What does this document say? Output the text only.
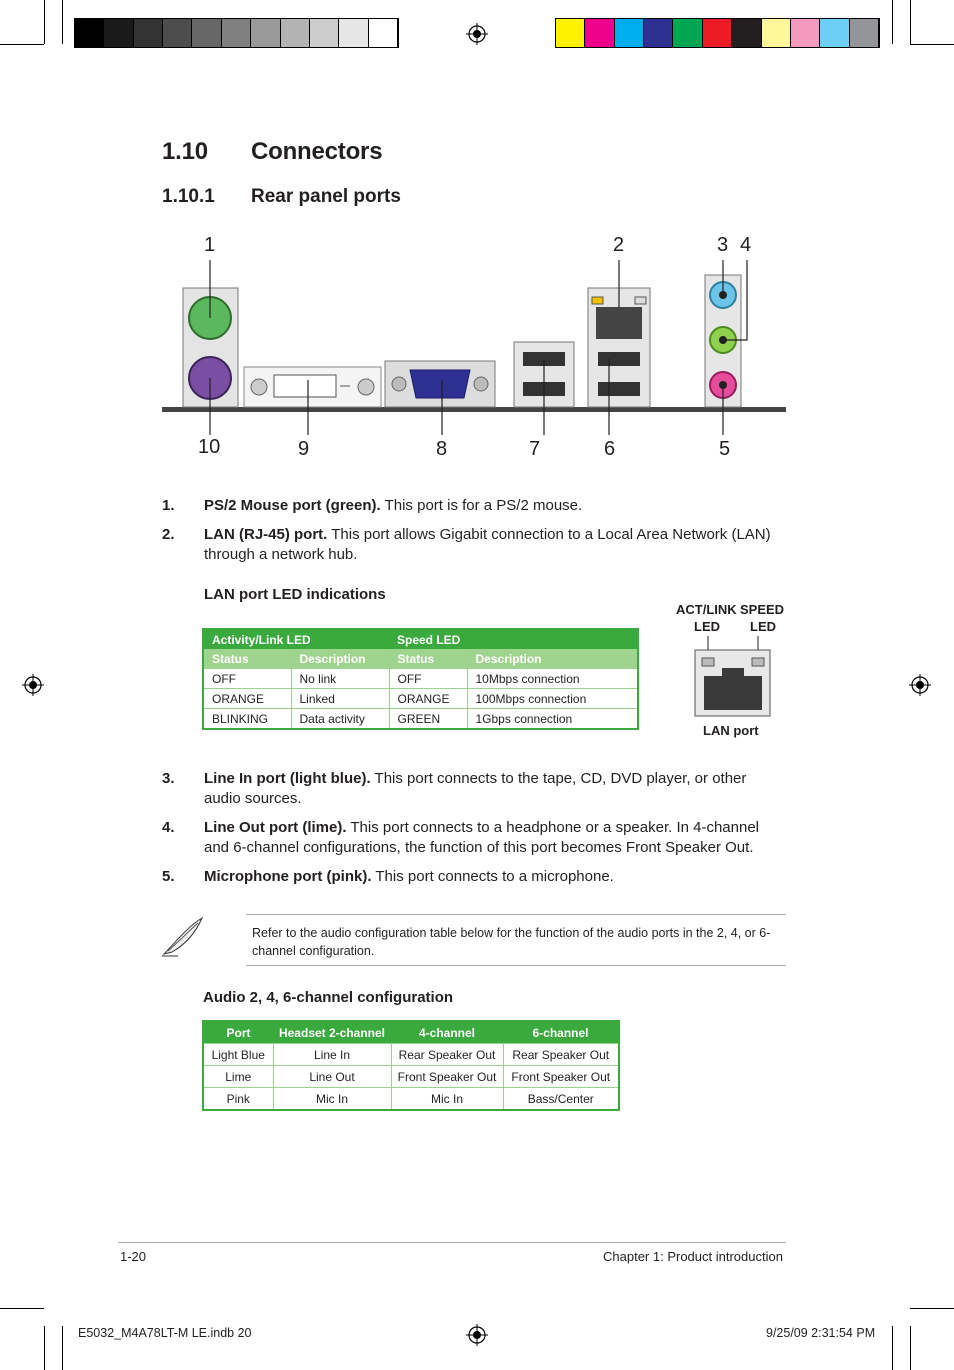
1.10 Connectors
1.10.1 Rear panel ports
1	2	3 4
10	9	8	7	6	5
1. PS/2 Mouse port (green). This port is for a PS/2 mouse.
2. LAN (RJ-45) port. This port allows Gigabit connection to a Local Area Network (LAN) through a network hub.
LAN port LED indications
Activity/Link LED		Speed LED	
Status	Description	Status	Description
OFF	No link	OFF	10Mbps connection
ORANGE	Linked	ORANGE	100Mbps connection
BLINKING	Data activity	GREEN	1Gbps connection
ACT/LINK SPEED
LED LED
LAN port
3. Line In port (light blue). This port connects to the tape, CD, DVD player, or other audio sources.
4. Line Out port (lime). This port connects to a headphone or a speaker. In 4-channel and 6-channel configurations, the function of this port becomes Front Speaker Out.
5. Microphone port (pink). This port connects to a microphone.
Refer to the audio configuration table below for the function of the audio ports in the 2, 4, or 6-channel configuration.
Audio 2, 4, 6-channel configuration
Port	Headset 2-channel	4-channel	6-channel
Light Blue	Line In	Rear Speaker Out	Rear Speaker Out
Lime	Line Out	Front Speaker Out	Front Speaker Out
Pink	Mic In	Mic In	Bass/Center
1-20	Chapter 1: Product introduction
E5032_M4A78LT-M LE.indb 20	9/25/09 2:31:54 PM
